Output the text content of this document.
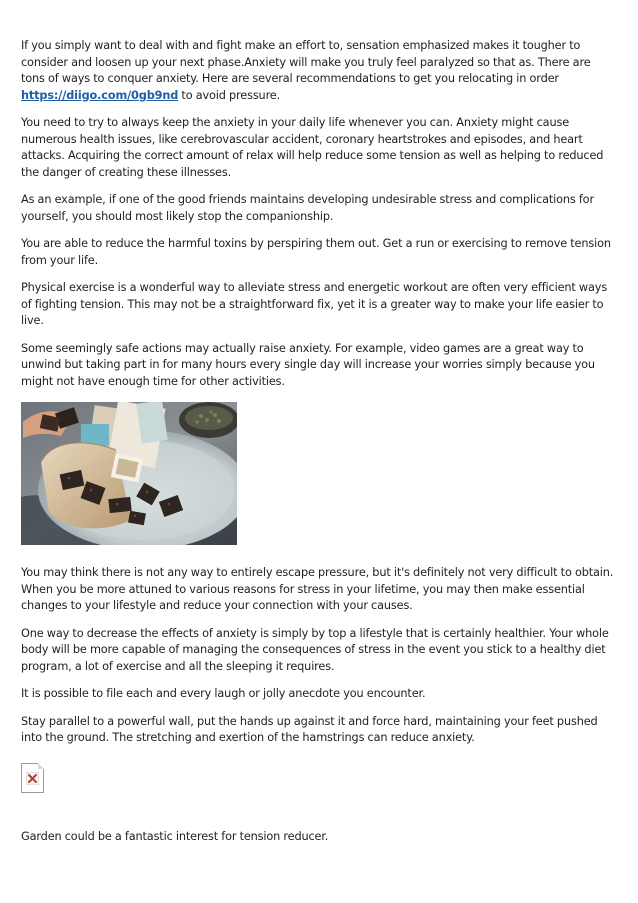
If you simply want to deal with and fight make an effort to, sensation emphasized makes it tougher to consider and loosen up your next phase.Anxiety will make you truly feel paralyzed so that as. There are tons of ways to conquer anxiety. Here are several recommendations to get you relocating in order https://diigo.com/0gb9nd to avoid pressure.

You need to try to always keep the anxiety in your daily life whenever you can. Anxiety might cause numerous health issues, like cerebrovascular accident, coronary heartstrokes and episodes, and heart attacks. Acquiring the correct amount of relax will help reduce some tension as well as helping to reduced the danger of creating these illnesses.

As an example, if one of the good friends maintains developing undesirable stress and complications for yourself, you should most likely stop the companionship.

You are able to reduce the harmful toxins by perspiring them out. Get a run or exercising to remove tension from your life.

Physical exercise is a wonderful way to alleviate stress and energetic workout are often very efficient ways of fighting tension. This may not be a straightforward fix, yet it is a greater way to make your life easier to live.

Some seemingly safe actions may actually raise anxiety. For example, video games are a great way to unwind but taking part in for many hours every single day will increase your worries simply because you might not have enough time for other activities.

You may think there is not any way to entirely escape pressure, but it's definitely not very difficult to obtain. When you be more attuned to various reasons for stress in your lifetime, you may then make essential changes to your lifestyle and reduce your connection with your causes.

One way to decrease the effects of anxiety is simply by top a lifestyle that is certainly healthier. Your whole body will be more capable of managing the consequences of stress in the event you stick to a healthy diet program, a lot of exercise and all the sleeping it requires.

It is possible to file each and every laugh or jolly anecdote you encounter.

Stay parallel to a powerful wall, put the hands up against it and force hard, maintaining your feet pushed into the ground. The stretching and exertion of the hamstrings can reduce anxiety.

Garden could be a fantastic interest for tension reducer.
